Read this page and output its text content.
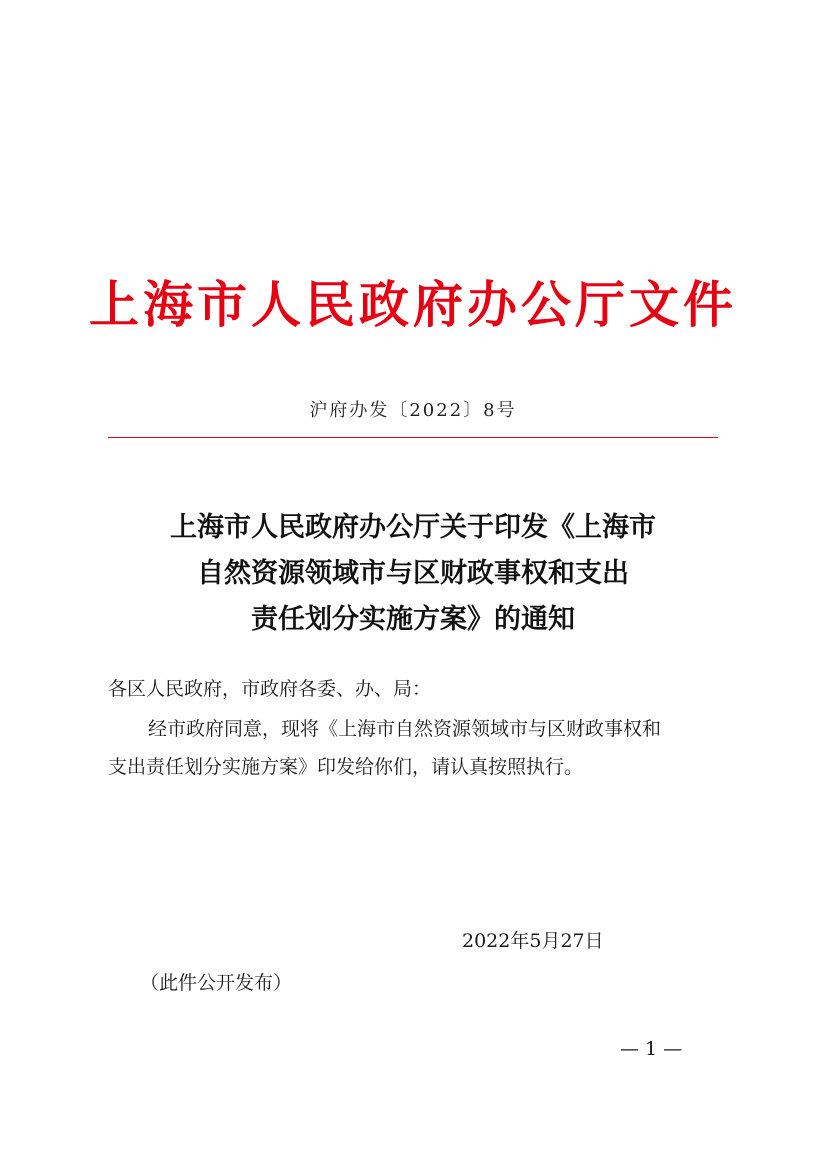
上海市人民政府办公厅文件
沪府办发〔2022〕8号
上海市人民政府办公厅关于印发《上海市
自然资源领域市与区财政事权和支出
责任划分实施方案》的通知
各区人民政府，市政府各委、办、局：
经市政府同意，现将《上海市自然资源领域市与区财政事权和
支出责任划分实施方案》印发给你们，请认真按照执行。
2022年5月27日
（此件公开发布）
— 1 —
